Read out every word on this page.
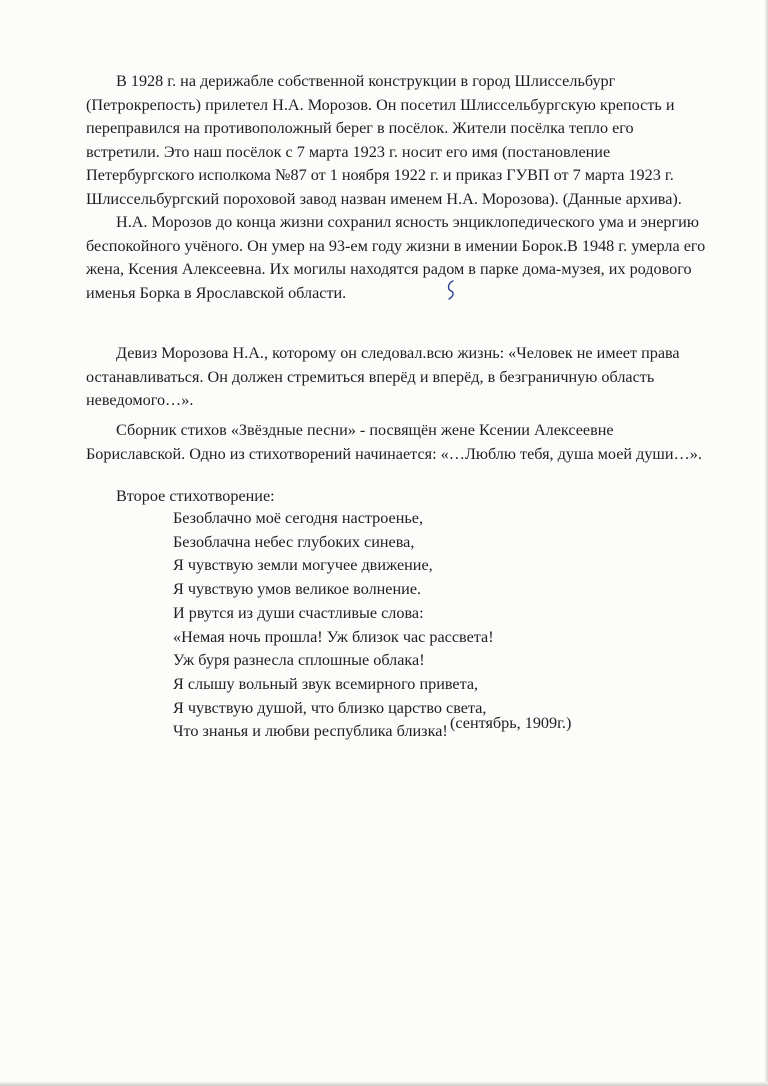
В 1928 г. на дерижабле собственной конструкции в город Шлиссельбург (Петрокрепость) прилетел Н.А. Морозов. Он посетил Шлиссельбургскую крепость и переправился на противоположный берег в посёлок. Жители посёлка тепло его встретили. Это наш посёлок с 7 марта 1923 г. носит его имя (постановление Петербургского исполкома №87 от 1 ноября 1922 г. и приказ ГУВП от 7 марта 1923 г. Шлиссельбургский пороховой завод назван именем Н.А. Морозова). (Данные архива).

Н.А. Морозов до конца жизни сохранил ясность энциклопедического ума и энергию беспокойного учёного. Он умер на 93-ем году жизни в имении Борок.В 1948 г. умерла его жена, Ксения Алексеевна. Их могилы находятся радом в парке дома-музея, их родового именья Борка в Ярославской области.

Девиз Морозова Н.А., которому он следовал.всю жизнь: «Человек не имеет права останавливаться. Он должен стремиться вперёд и вперёд, в безграничную область неведомого…».

Сборник стихов «Звёздные песни» - посвящён жене Ксении Алексеевне Бориславской. Одно из стихотворений начинается: «…Люблю тебя, душа моей души…».

Второе стихотворение:

Безоблачно моё сегодня настроенье,
Безоблачна небес глубоких синева,
Я чувствую земли могучее движение,
Я чувствую умов великое волнение.
И рвутся из души счастливые слова:
«Немая ночь прошла! Уж близок час рассвета!
Уж буря разнесла сплошные облака!
Я слышу вольный звук всемирного привета,
Я чувствую душой, что близко царство света,
Что знанья и любви республика близка! (сентябрь, 1909г.)
